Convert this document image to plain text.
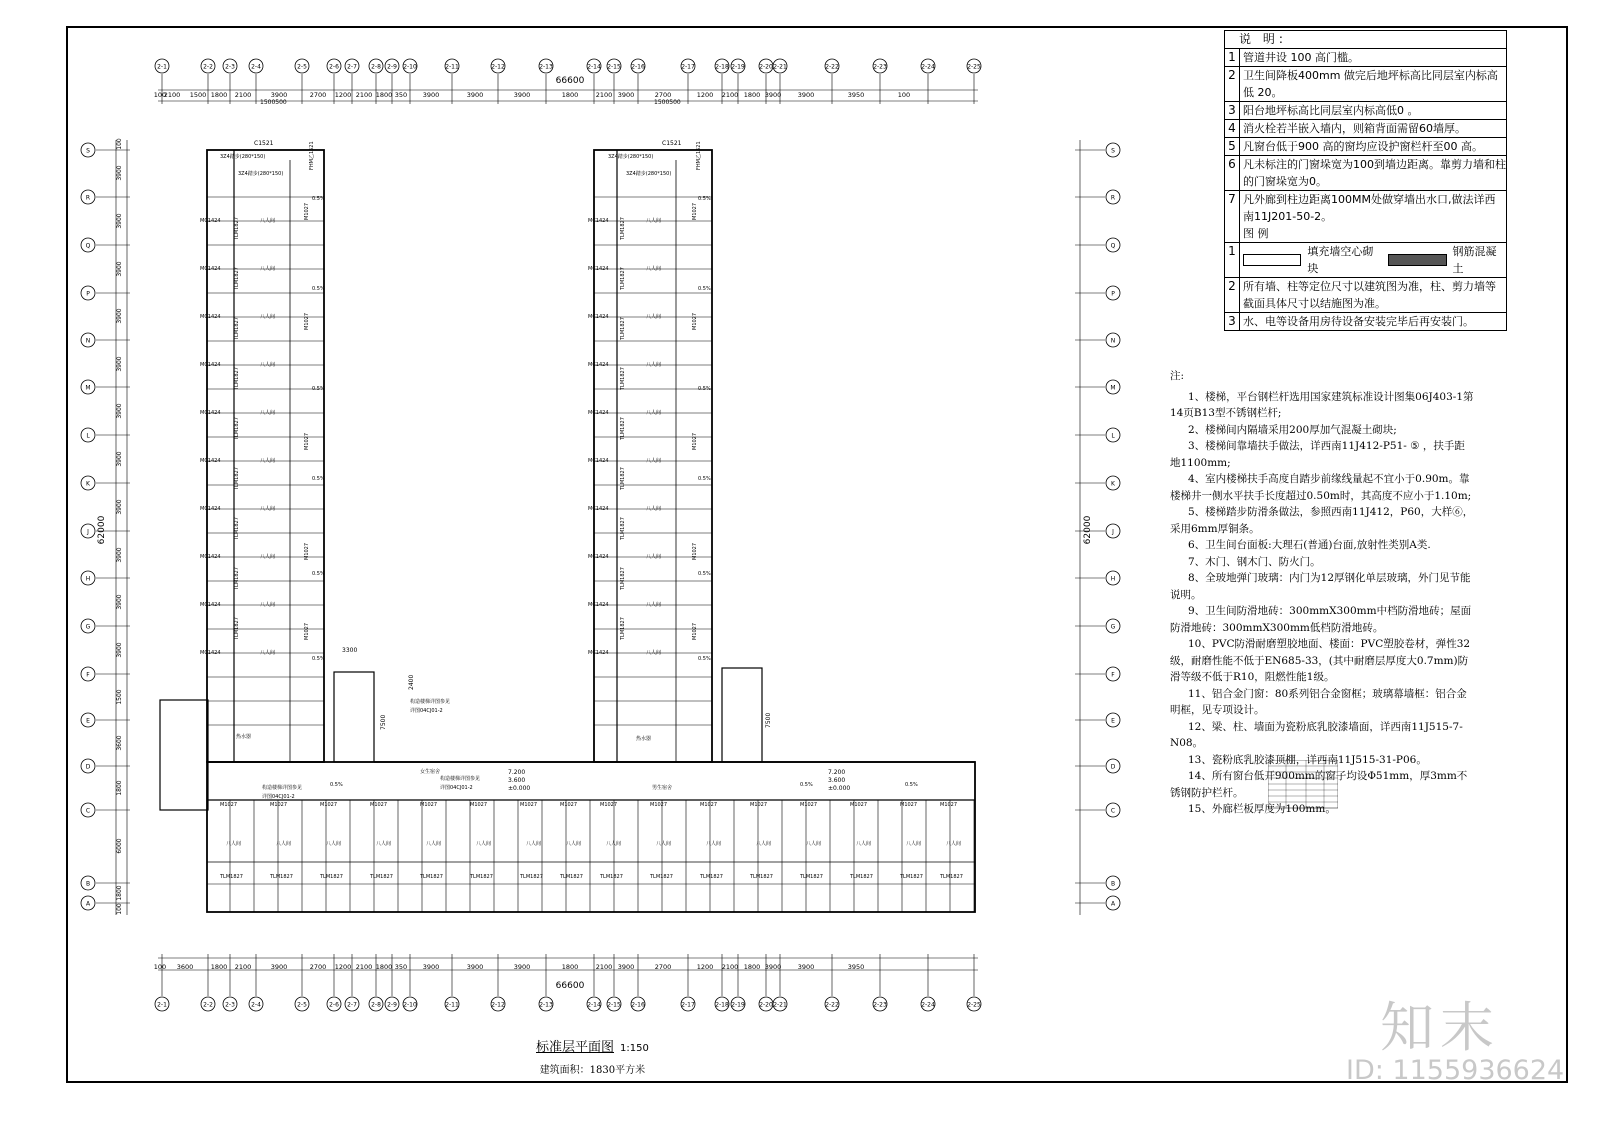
2-1	2-2 2-3	2-4	2-5	2-6 2-7 2-8 2-9 2-10	2-11	2-12	2-13	2-14 2-15 2-16	2-17	2-18 2-19 2-20 2-21	2-22	2-23	2-24	2-25
2-1	2-2 2-3	2-4	2-5	2-6 2-7 2-8 2-9 2-10	2-11	2-12	2-13	2-14 2-15 2-16	2-17	2-18 2-19 2-20 2-21	2-22	2-23	2-24	2-25
S
R
Q
P
N
M
L
K
J
H
G
F
E
D
C
B
A
S
R
Q
P
N
M
L
K
J
H
G
F
E
D
C
B
A
100
2100 1500 1800 2100	3900	2700 1200 2100 1800 350 3900	3900	3900	1800	2100 3900	2700	1200 2100 1800 3900	3900	3950	100
100 3600	1800 2100	3900	2700 1200 2100 1800 350 3900	3900	3900	1800	2100 3900	2700	1200 2100 1800 3900	3900	3950
100
3900
3900
3900
3900
3900
3900
3900
3900
3900
3900
3900
1500
3600
1800
6000
1800
100
C1521	C1521
1500500	1500500
3Z4踏步(280*150)	3Z4踏步(280*150)
3Z4踏步(280*150)	3Z4踏步(280*150)
MC1424	MC1424
八人间	八人间
MC1424	MC1424
八人间	八人间
MC1424	MC1424
八人间	八人间
MC1424	MC1424
八人间	八人间
MC1424	MC1424
八人间	八人间
MC1424	MC1424
八人间	八人间
MC1424	MC1424
八人间	八人间
MC1424	MC1424
八人间	八人间
MC1424	MC1424
八人间	八人间
MC1424	MC1424
八人间	八人间
TLM1827	TLM1827
TLM1827	TLM1827
TLM1827	TLM1827
TLM1827	TLM1827
TLM1827	TLM1827
TLM1827	TLM1827
TLM1827	TLM1827
TLM1827	TLM1827
TLM1827	TLM1827
0.5%	0.5%
0.5%	0.5%
0.5%	0.5%
0.5%	0.5%
0.5%	0.5%
0.5%	0.5%
M1027	M1027
M1027	M1027
M1027	M1027
M1027	M1027
M1027	M1027
FHM乙1521	FHM乙1521
M1027
八人间
TLM1827
M1027
八人间
TLM1827
M1027
八人间
TLM1827
M1027
八人间
TLM1827
M1027
八人间
TLM1827
M1027
八人间
TLM1827
M1027
八人间
TLM1827
M1027
八人间
TLM1827
M1027
八人间
TLM1827
M1027
八人间
TLM1827
M1027
八人间
TLM1827
M1027
八人间
TLM1827
M1027
八人间
TLM1827
M1027
八人间
TLM1827
M1027
八人间
TLM1827
M1027
八人间
TLM1827
女生宿舍
男生宿舍
热水器	热水器
7.200
3.600
±0.000
7.200
3.600
±0.000
构造楼梯详图参见
详图04CJ01-2
构造楼梯详图参见
详图04CJ01-2
构造楼梯详图参见
详图04CJ01-2
3300
7500	7500
2400
0.5%	0.5%	0.5%
66600
66600
62000	62000
说 明:
1 管道井设 100 高门槛。
2 卫生间降板400mm 做完后地坪标高比同层室内标高低 20。
3 阳台地坪标高比同层室内标高低0 。
4 消火栓若半嵌入墙内，则箱背面需留60墙厚。
5 凡窗台低于900 高的窗均应设护窗栏杆至00 高。
6 凡未标注的门窗垛宽为100到墙边距离。靠剪力墙和柱的门窗垛宽为0。
7 凡外廊到柱边距离100MM处做穿墙出水口,做法详西南11J201-50-2。
图 例
1	填充墙空心砌块
钢筋混凝土
2 所有墙、柱等定位尺寸以建筑图为准，柱、剪力墙等截面具体尺寸以结施图为准。
3 水、电等设备用房待设备安装完毕后再安装门。
注:

1、楼梯，平台钢栏杆选用国家建筑标准设计图集06J403-1第14页B13型不锈钢栏杆;

2、楼梯间内隔墙采用200厚加气混凝土砌块;

3、楼梯间靠墙扶手做法，详西南11J412-P51- ⑤ ，扶手距地1100mm;

4、室内楼梯扶手高度自踏步前缘线量起不宜小于0.90m。靠楼梯井一侧水平扶手长度超过0.50m时，其高度不应小于1.10m;

5、楼梯踏步防滑条做法，参照西南11J412，P60，大样⑥，采用6mm厚铜条。

6、卫生间台面板:大理石(普通)台面,放射性类别A类.

7、木门、钢木门、防火门。

8、全玻地弹门玻璃：内门为12厚钢化单层玻璃，外门见节能说明。

9、卫生间防滑地砖：300mmX300mm中档防滑地砖；屋面防滑地砖：300mmX300mm低档防滑地砖。

10、PVC防滑耐磨塑胶地面、楼面：PVC塑胶卷材，弹性32级，耐磨性能不低于EN685-33，(其中耐磨层厚度大0.7mm)防滑等级不低于R10，阻燃性能1级。

11、铝合金门窗：80系列铝合金窗框；玻璃幕墙框：铝合金明框，见专项设计。

12、梁、柱、墙面为瓷粉底乳胶漆墙面，详西南11J515-7-N08。

13、瓷粉底乳胶漆顶棚，详西南11J515-31-P06。

14、所有窗台低开900mm的窗子均设Φ51mm，厚3mm不锈钢防护栏杆。

15、外廊栏板厚度为100mm。

标准层平面图 1:150
建筑面积：1830平方米
知末
ID: 1155936624
